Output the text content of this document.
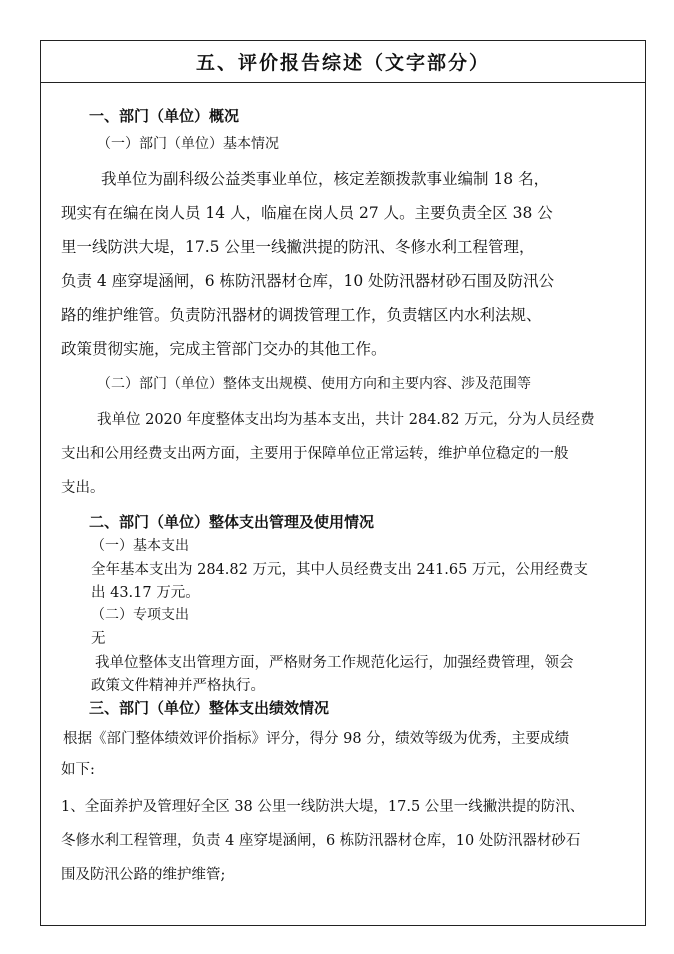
五、评价报告综述（文字部分）
一、部门（单位）概况
（一）部门（单位）基本情况
我单位为副科级公益类事业单位，核定差额拨款事业编制 18 名，
现实有在编在岗人员 14 人，临雇在岗人员 27 人。主要负责全区 38 公
里一线防洪大堤，17.5 公里一线撇洪提的防汛、冬修水利工程管理，
负责 4 座穿堤涵闸，6 栋防汛器材仓库，10 处防汛器材砂石围及防汛公
路的维护维管。负责防汛器材的调拨管理工作，负责辖区内水利法规、
政策贯彻实施，完成主管部门交办的其他工作。
（二）部门（单位）整体支出规模、使用方向和主要内容、涉及范围等
我单位 2020 年度整体支出均为基本支出，共计 284.82 万元，分为人员经费
支出和公用经费支出两方面，主要用于保障单位正常运转，维护单位稳定的一般
支出。
二、部门（单位）整体支出管理及使用情况
（一）基本支出
全年基本支出为 284.82 万元，其中人员经费支出 241.65 万元，公用经费支
出 43.17 万元。
（二）专项支出
无
我单位整体支出管理方面，严格财务工作规范化运行，加强经费管理，领会
政策文件精神并严格执行。
三、部门（单位）整体支出绩效情况
根据《部门整体绩效评价指标》评分，得分 98 分，绩效等级为优秀，主要成绩
如下:
1、全面养护及管理好全区 38 公里一线防洪大堤，17.5 公里一线撇洪提的防汛、
冬修水利工程管理，负责 4 座穿堤涵闸，6 栋防汛器材仓库，10 处防汛器材砂石
围及防汛公路的维护维管;
